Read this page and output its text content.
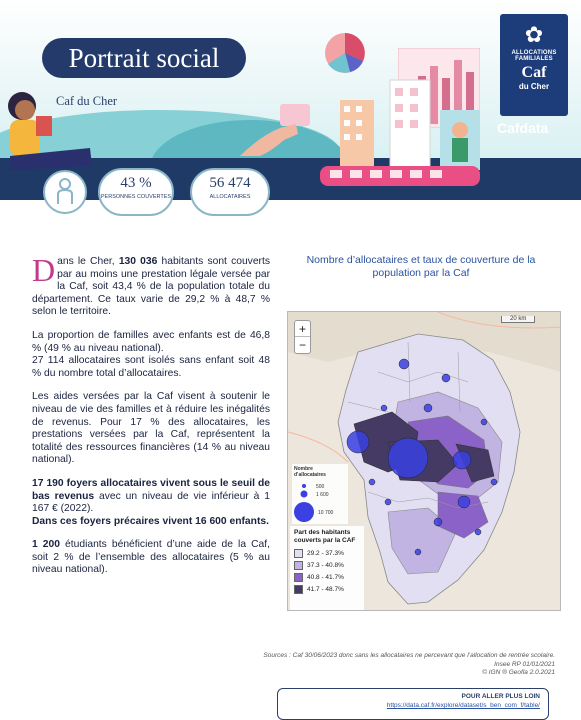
Portrait social
Caf du Cher
✿
ALLOCATIONS FAMILIALES
Caf
du Cher
Cafdata
43 %
PERSONNES COUVERTES
56 474
ALLOCATAIRES

Dans le Cher, 130 036 habitants sont couverts par au moins une prestation légale versée par la Caf, soit 43,4 % de la population totale du département. Ce taux varie de 29,2 % à 48,7 % selon le territoire.

La proportion de familles avec enfants est de 46,8 % (49 % au niveau national).
27 114 allocataires sont isolés sans enfant soit 48 % du nombre total d’allocataires.

Les aides versées par la Caf visent à soutenir le niveau de vie des familles et à réduire les inégalités de revenus. Pour 17 % des allocataires, les prestations versées par la Caf, représentent la totalité des ressources financières (14 % au niveau national).

17 190 foyers allocataires vivent sous le seuil de bas revenus avec un niveau de vie inférieur à 1 167 € (2022).
Dans ces foyers précaires vivent 16 600 enfants.

1 200 étudiants bénéficient d’une aide de la Caf, soit 2 % de l’ensemble des allocataires (5 % au niveau national).

Nombre d’allocataires et taux de couverture de la population par la Caf
+
−
20 km
Nombre d’allocataires
500
1 600
10 700
Part des habitants couverts par la CAF
29.2 - 37.3%
37.3 - 40.8%
40.8 - 41.7%
41.7 - 48.7%
Sources : Caf 30/06/2023 donc sans les allocataires ne percevant que l’allocation de rentrée scolaire.
Insee RP 01/01/2021
© IGN ® Geofla 2.0.2021
POUR ALLER PLUS LOIN
https://data.caf.fr/explore/dataset/s_ben_com_f/table/
